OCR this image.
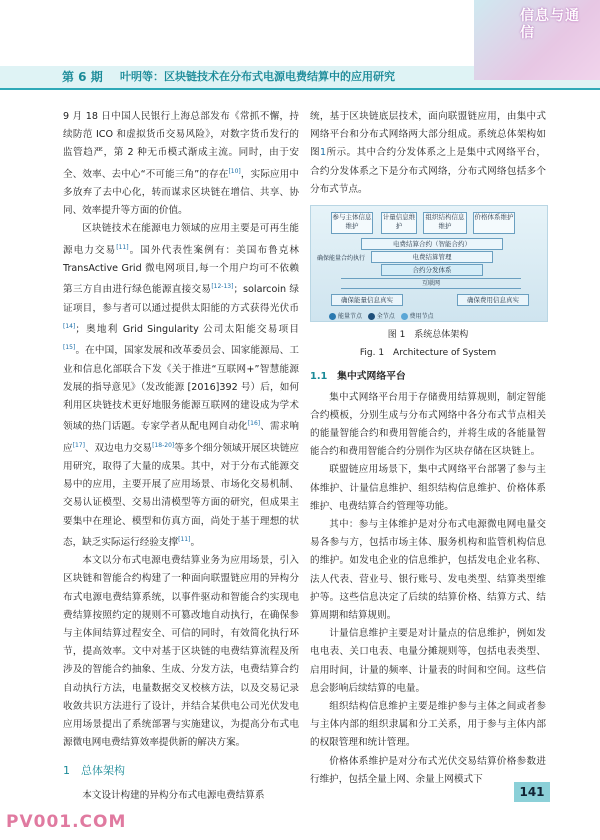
第 6 期 叶明等：区块链技术在分布式电源电费结算中的应用研究
信息与通信

9 月 18 日中国人民银行上海总部发布《常抓不懈，持续防范 ICO 和虚拟货币交易风险》，对数字货币发行的监管趋严，第 2 种无币模式渐成主流。同时，由于安全、效率、去中心“不可能三角”的存在[10]，实际应用中多放弃了去中心化，转而谋求区块链在增信、共享、协同、效率提升等方面的价值。

区块链技术在能源电力领域的应用主要是可再生能源电力交易[11]。国外代表性案例有：美国布鲁克林 TransActive Grid 微电网项目,每一个用户均可不依赖第三方自由进行绿色能源直接交易[12-13]；solarcoin 绿证项目，参与者可以通过提供太阳能的方式获得光伏币[14]；奥地利 Grid Singularity 公司太阳能交易项目[15]。在中国，国家发展和改革委员会、国家能源局、工业和信息化部联合下发《关于推进“互联网+”智慧能源发展的指导意见》（发改能源 [2016]392 号）后，如何利用区块链技术更好地服务能源互联网的建设成为学术领域的热门话题。专家学者从配电网自动化[16]、需求响应[17]、双边电力交易[18-20]等多个细分领域开展区块链应用研究，取得了大量的成果。其中，对于分布式能源交易中的应用，主要开展了应用场景、市场化交易机制、交易认证模型、交易出清模型等方面的研究，但成果主要集中在理论、模型和仿真方面，尚处于基于理想的状态，缺乏实际运行经验支撑[11]。

本文以分布式电源电费结算业务为应用场景，引入区块链和智能合约构建了一种面向联盟链应用的异构分布式电源电费结算系统，以事件驱动和智能合约实现电费结算按照约定的规则不可篡改地自动执行，在确保参与主体间结算过程安全、可信的同时，有效简化执行环节，提高效率。文中对基于区块链的电费结算流程及所涉及的智能合约抽象、生成、分发方法，电费结算合约自动执行方法，电量数据交叉校核方法，以及交易记录收敛共识方法进行了设计，并结合某供电公司光伏发电应用场景提出了系统部署与实施建议，为提高分布式电源微电网电费结算效率提供新的解决方案。

1　 总体架构

本文设计构建的异构分布式电源电费结算系

统，基于区块链底层技术，面向联盟链应用，由集中式网络平台和分布式网络两大部分组成。系统总体架构如图1所示。其中合约分发体系之上是集中式网络平台，合约分发体系之下是分布式网络，分布式网络包括多个分布式节点。

参与主体信息维护
计量信息维护
组织结构信息维护
价格体系维护
电费结算合约（智能合约）
确保能量合约执行	电费结算管理
合约分发体系
互联网
确保能量信息真实	确保费用信息真实
能量节点 全节点 费用节点
图 1　系统总体架构
Fig. 1　Architecture of System
1.1　 集中式网络平台

集中式网络平台用于存储费用结算规则，制定智能合约模板，分别生成与分布式网络中各分布式节点相关的能量智能合约和费用智能合约，并将生成的各能量智能合约和费用智能合约分别作为区块存储在区块链上。

联盟链应用场景下，集中式网络平台部署了参与主体维护、计量信息维护、组织结构信息维护、价格体系维护、电费结算合约管理等功能。

其中：参与主体维护是对分布式电源微电网电量交易各参与方，包括市场主体、服务机构和监管机构信息的维护。如发电企业的信息维护，包括发电企业名称、法人代表、营业号、银行账号、发电类型、结算类型维护等。这些信息决定了后续的结算价格、结算方式、结算周期和结算规则。

计量信息维护主要是对计量点的信息维护，例如发电电表、关口电表、电量分摊规则等，包括电表类型、启用时间，计量的频率、计量表的时间和空间。这些信息会影响后续结算的电量。

组织结构信息维护主要是维护参与主体之间或者参与主体内部的组织隶属和分工关系，用于参与主体内部的权限管理和统计管理。

价格体系维护是对分布式光伏交易结算价格参数进行维护，包括全量上网、余量上网模式下

141
PV001.COM
